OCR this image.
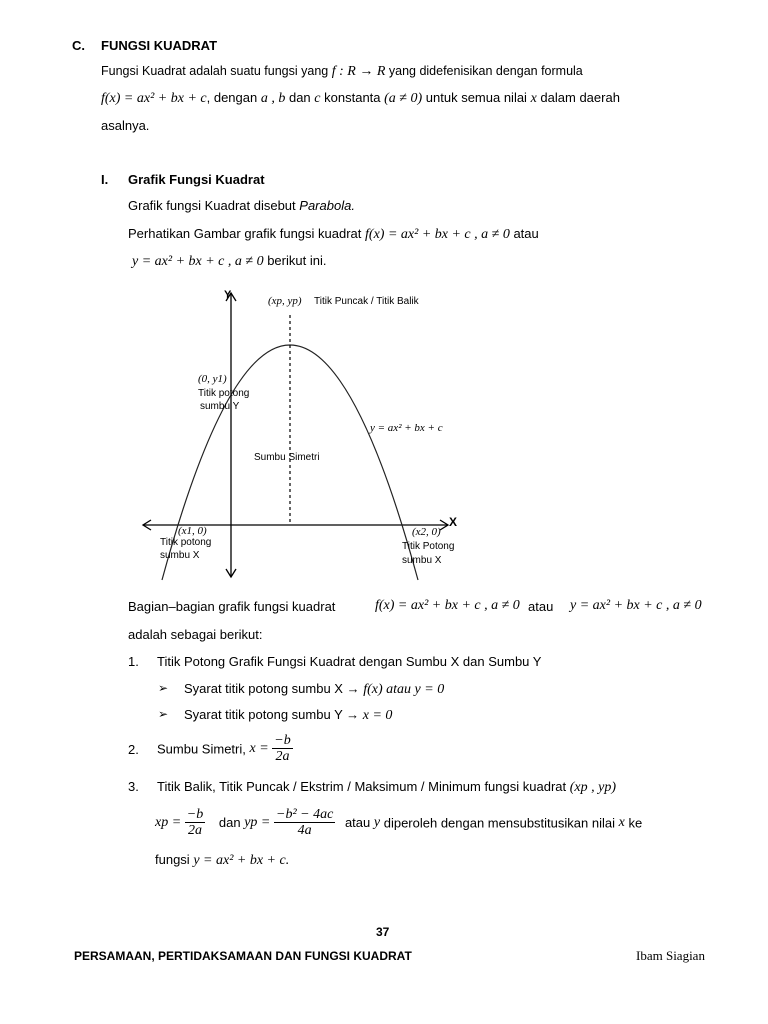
C. FUNGSI KUADRAT
Fungsi Kuadrat adalah suatu fungsi yang f : R → R yang didefenisikan dengan formula
f(x) = ax² + bx + c, dengan a , b dan c konstanta (a ≠ 0) untuk semua nilai x dalam daerah
asalnya.
I. Grafik Fungsi Kuadrat
Grafik fungsi Kuadrat disebut Parabola.
Perhatikan Gambar grafik fungsi kuadrat f(x) = ax² + bx + c , a ≠ 0 atau
y = ax² + bx + c , a ≠ 0 berikut ini.
Y
X
(xp, yp) Titik Puncak / Titik Balik
(0, y1)
Titik potong
sumbu Y
Sumbu Simetri
y = ax² + bx + c
(x1, 0)
Titik potong
sumbu X
(x2, 0)
Titik Potong
sumbu X
Bagian–bagian grafik fungsi kuadrat	f(x) = ax² + bx + c , a ≠ 0 atau y = ax² + bx + c , a ≠ 0
adalah sebagai berikut:
1. Titik Potong Grafik Fungsi Kuadrat dengan Sumbu X dan Sumbu Y
➢ Syarat titik potong sumbu X → f(x) atau y = 0
➢ Syarat titik potong sumbu Y → x = 0
2. Sumbu Simetri, $x = \frac{-b}{2a}$
3. Titik Balik, Titik Puncak / Ekstrim / Maksimum / Minimum fungsi kuadrat (xp , yp)
xp = $\frac{-b}{2a}$ dan yp = $\frac{\text{−b² − 4ac}}{4a}$ atau y diperoleh dengan mensubstitusikan nilai x ke
fungsi y = ax² + bx + c.
37
PERSAMAAN, PERTIDAKSAMAAN DAN FUNGSI KUADRAT	Ibam Siagian
